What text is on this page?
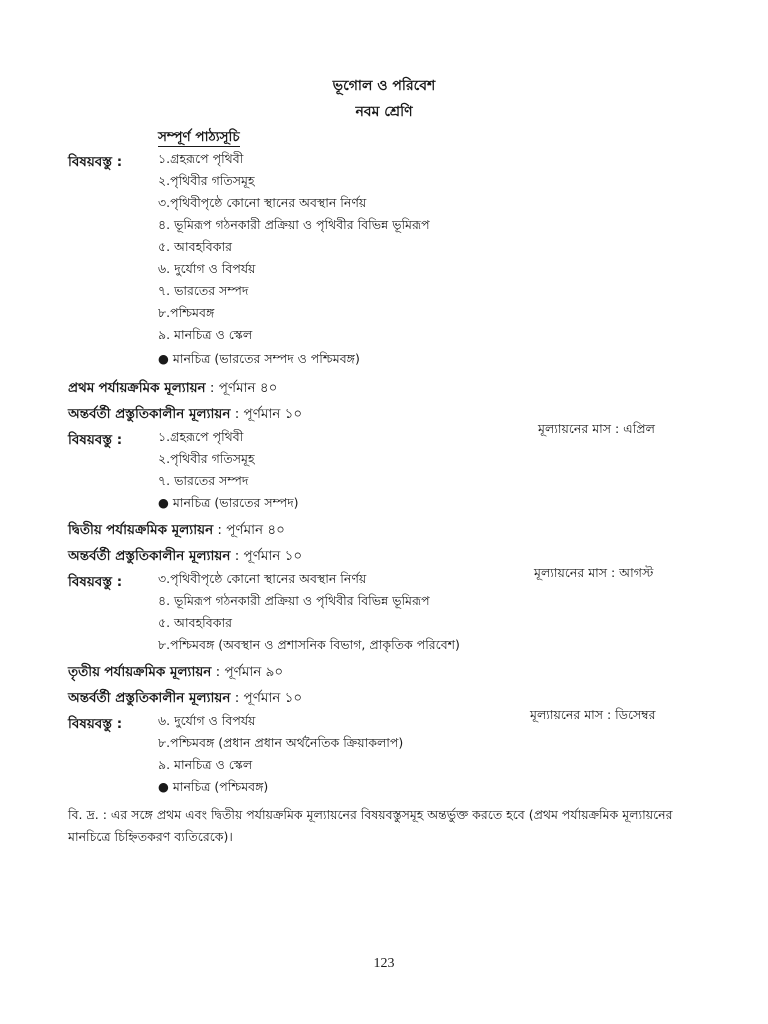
ভূগোল ও পরিবেশ
নবম শ্রেণি
সম্পূর্ণ পাঠ্যসূচি
বিষয়বস্তু :	১.গ্রহরূপে পৃথিবী
২.পৃথিবীর গতিসমূহ
৩.পৃথিবীপৃষ্ঠে কোনো স্থানের অবস্থান নির্ণয়
৪. ভূমিরূপ গঠনকারী প্রক্রিয়া ও পৃথিবীর বিভিন্ন ভূমিরূপ
৫. আবহবিকার
৬. দুর্যোগ ও বিপর্যয়
৭. ভারতের সম্পদ
৮.পশ্চিমবঙ্গ
৯. মানচিত্র ও স্কেল
● মানচিত্র (ভারতের সম্পদ ও পশ্চিমবঙ্গ)
প্রথম পর্যায়ক্রমিক মূল্যায়ন : পূর্ণমান ৪০
অন্তর্বর্তী প্রস্তুতিকালীন মূল্যায়ন : পূর্ণমান ১০
মূল্যায়নের মাস : এপ্রিল
বিষয়বস্তু :	১.গ্রহরূপে পৃথিবী
২.পৃথিবীর গতিসমূহ
৭. ভারতের সম্পদ
● মানচিত্র (ভারতের সম্পদ)
দ্বিতীয় পর্যায়ক্রমিক মূল্যায়ন : পূর্ণমান ৪০
অন্তর্বর্তী প্রস্তুতিকালীন মূল্যায়ন : পূর্ণমান ১০
মূল্যায়নের মাস : আগস্ট
বিষয়বস্তু :	৩.পৃথিবীপৃষ্ঠে কোনো স্থানের অবস্থান নির্ণয়
৪. ভূমিরূপ গঠনকারী প্রক্রিয়া ও পৃথিবীর বিভিন্ন ভূমিরূপ
৫. আবহবিকার
৮.পশ্চিমবঙ্গ (অবস্থান ও প্রশাসনিক বিভাগ, প্রাকৃতিক পরিবেশ)
তৃতীয় পর্যায়ক্রমিক মূল্যায়ন : পূর্ণমান ৯০
অন্তর্বর্তী প্রস্তুতিকালীন মূল্যায়ন : পূর্ণমান ১০
মূল্যায়নের মাস : ডিসেম্বর
বিষয়বস্তু :	৬. দুর্যোগ ও বিপর্যয়
৮.পশ্চিমবঙ্গ (প্রধান প্রধান অর্থনৈতিক ক্রিয়াকলাপ)
৯. মানচিত্র ও স্কেল
● মানচিত্র (পশ্চিমবঙ্গ)
বি. দ্র. : এর সঙ্গে প্রথম এবং দ্বিতীয় পর্যায়ক্রমিক মূল্যায়নের বিষয়বস্তুসমূহ অন্তর্ভুক্ত করতে হবে (প্রথম পর্যায়ক্রমিক মূল্যায়নের মানচিত্রে চিহ্নিতকরণ ব্যতিরেকে)।
123
